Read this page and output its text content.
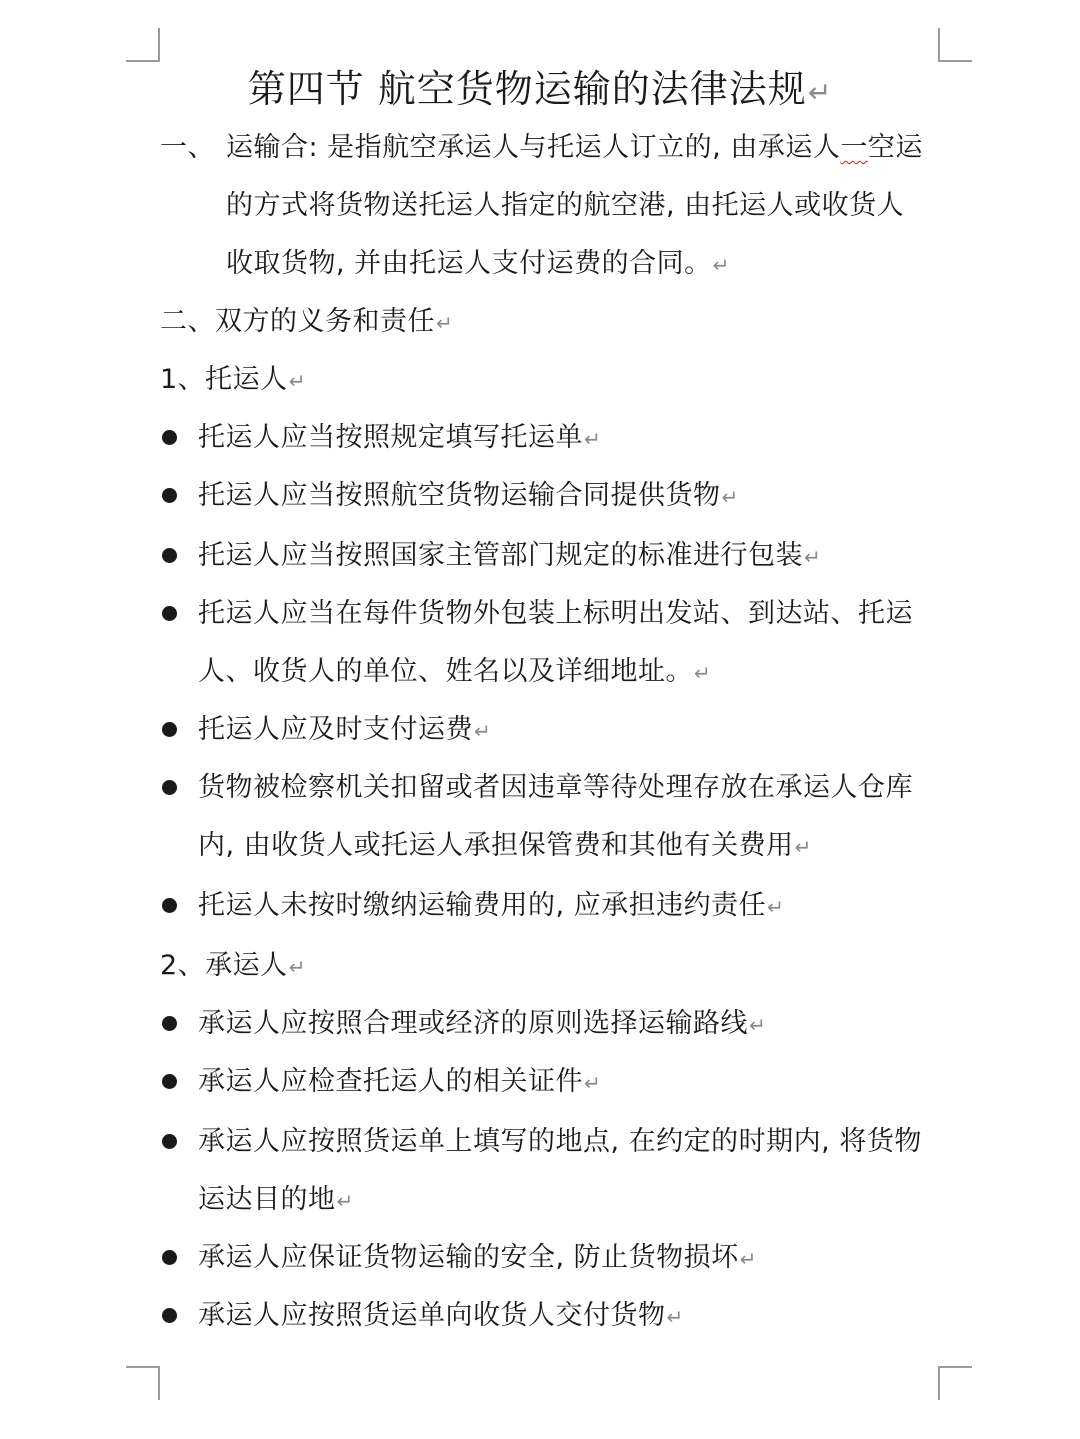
第四节 航空货物运输的法律法规↵
一、 运输合: 是指航空承运人与托运人订立的, 由承运人一空运
的方式将货物送托运人指定的航空港, 由托运人或收货人
收取货物, 并由托运人支付运费的合同。↵
二、双方的义务和责任↵
1、托运人↵
托运人应当按照规定填写托运单↵
托运人应当按照航空货物运输合同提供货物↵
托运人应当按照国家主管部门规定的标准进行包装↵
托运人应当在每件货物外包装上标明出发站、到达站、托运
人、收货人的单位、姓名以及详细地址。↵
托运人应及时支付运费↵
货物被检察机关扣留或者因违章等待处理存放在承运人仓库
内, 由收货人或托运人承担保管费和其他有关费用↵
托运人未按时缴纳运输费用的, 应承担违约责任↵
2、承运人↵
承运人应按照合理或经济的原则选择运输路线↵
承运人应检查托运人的相关证件↵
承运人应按照货运单上填写的地点, 在约定的时期内, 将货物
运达目的地↵
承运人应保证货物运输的安全, 防止货物损坏↵
承运人应按照货运单向收货人交付货物↵
